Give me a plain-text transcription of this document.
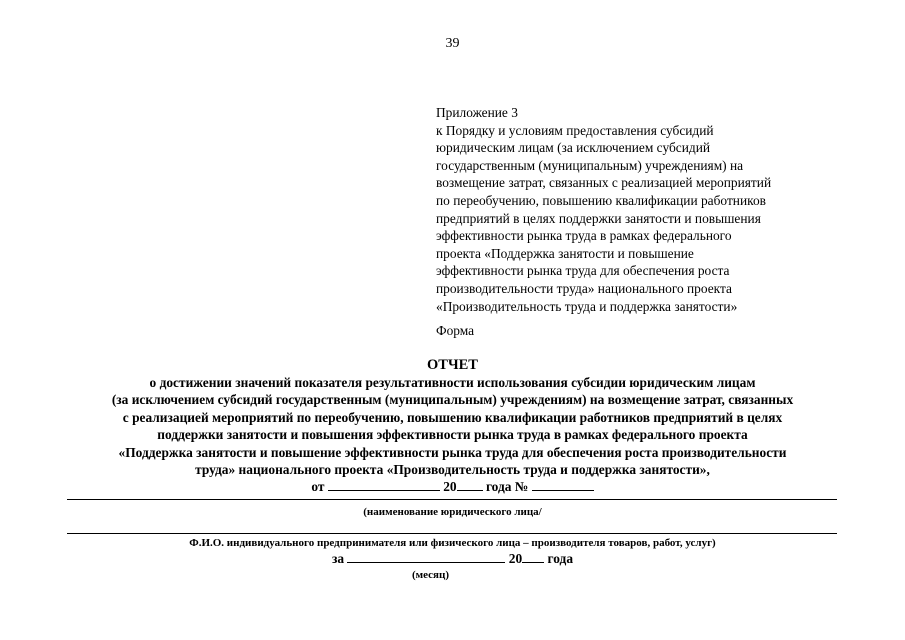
39
Приложение 3
к Порядку и условиям предоставления субсидий
юридическим лицам (за исключением субсидий
государственным (муниципальным) учреждениям) на
возмещение затрат, связанных с реализацией мероприятий
по переобучению, повышению квалификации работников
предприятий в целях поддержки занятости и повышения
эффективности рынка труда в рамках федерального
проекта «Поддержка занятости и повышение
эффективности рынка труда для обеспечения роста
производительности труда» национального проекта
«Производительность труда и поддержка занятости»
Форма
ОТЧЕТ
о достижении значений показателя результативности использования субсидии юридическим лицам
(за исключением субсидий государственным (муниципальным) учреждениям) на возмещение затрат, связанных
с реализацией мероприятий по переобучению, повышению квалификации работников предприятий в целях
поддержки занятости и повышения эффективности рынка труда в рамках федерального проекта
«Поддержка занятости и повышение эффективности рынка труда для обеспечения роста производительности
труда» национального проекта «Производительность труда и поддержка занятости»,
от	20 года №
(наименование юридического лица/
Ф.И.О. индивидуального предпринимателя или физического лица – производителя товаров, работ, услуг)
за	20 года
(месяц)
